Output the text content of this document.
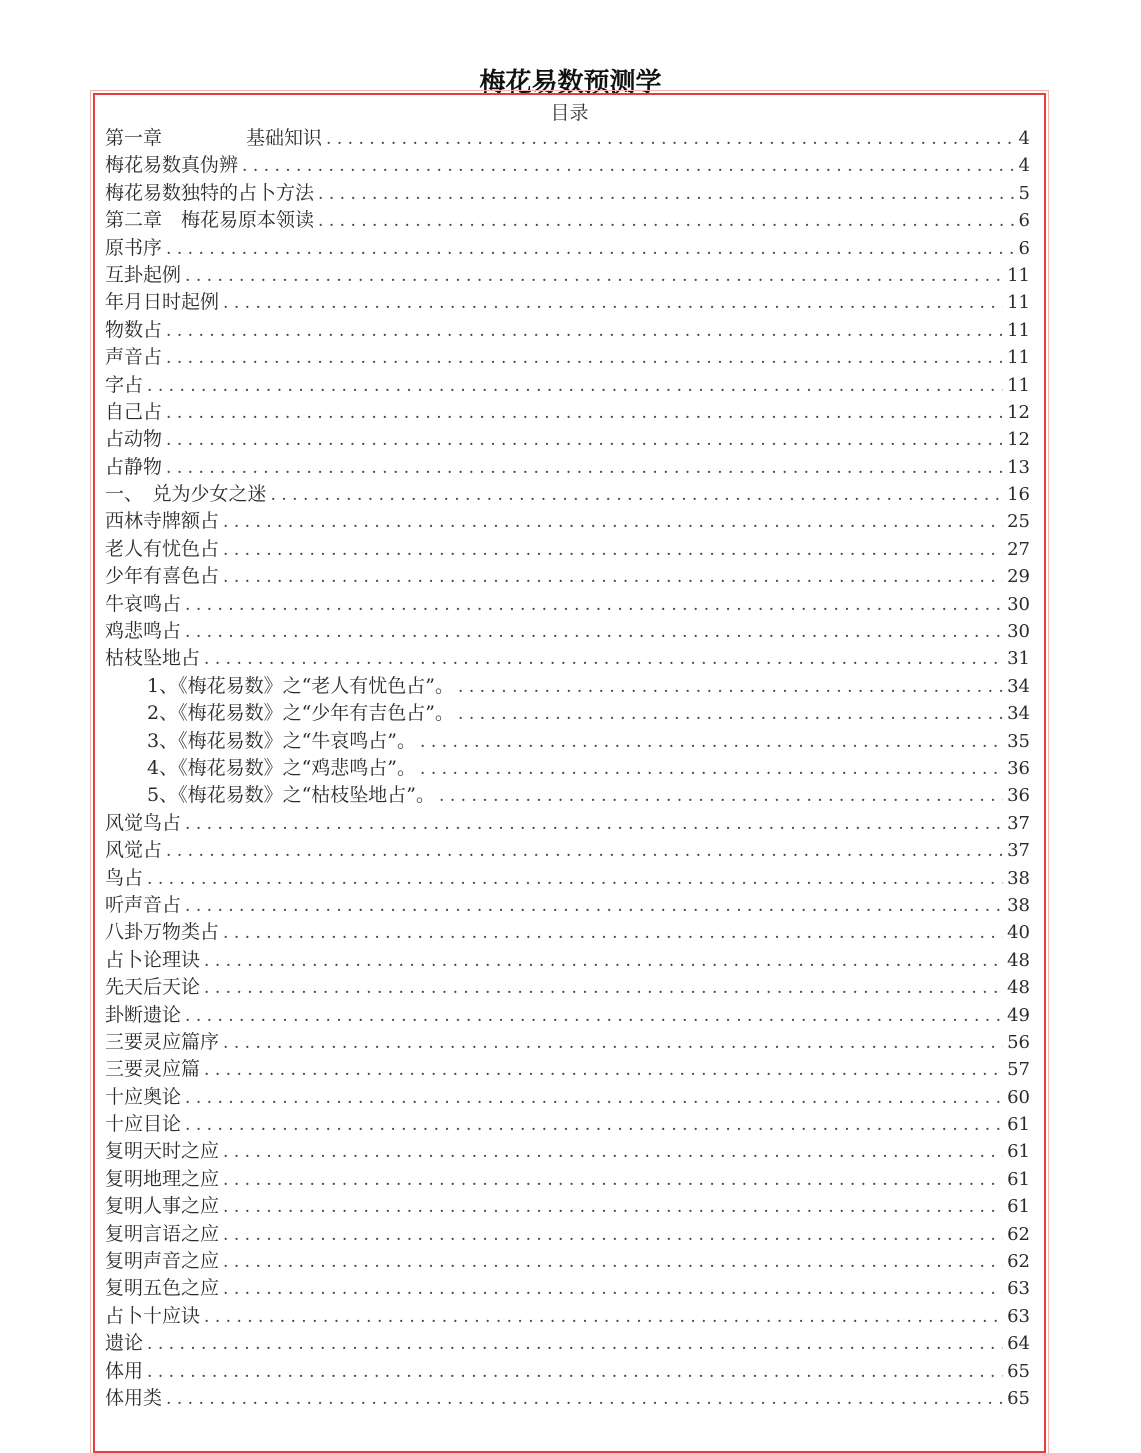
梅花易数预测学
目录
第一章	基础知识 . . .	4
梅花易数真伪辨 . . .	4
梅花易数独特的占卜方法 . . .	5
第二章　梅花易原本领读 . . .	6
原书序 . . .	6
互卦起例 . . .	11
年月日时起例 . . .	11
物数占 . . .	11
声音占 . . .	11
字占 . . .	11
自己占 . . .	12
占动物 . . .	12
占静物 . . .	13
一、　兑为少女之迷 . . .	16
西林寺牌额占 . . .	25
老人有忧色占 . . .	27
少年有喜色占 . . .	29
牛哀鸣占 . . .	30
鸡悲鸣占 . . .	30
枯枝坠地占 . . .	31
1、《梅花易数》之“老人有忧色占”。 . . .	34
2、《梅花易数》之“少年有吉色占”。 . . .	34
3、《梅花易数》之“牛哀鸣占”。 . . .	35
4、《梅花易数》之“鸡悲鸣占”。 . . .	36
5、《梅花易数》之“枯枝坠地占”。 . . .	36
风觉鸟占 . . .	37
风觉占 . . .	37
鸟占 . . .	38
听声音占 . . .	38
八卦万物类占 . . .	40
占卜论理诀 . . .	48
先天后天论 . . .	48
卦断遗论 . . .	49
三要灵应篇序 . . .	56
三要灵应篇 . . .	57
十应奥论 . . .	60
十应目论 . . .	61
复明天时之应 . . .	61
复明地理之应 . . .	61
复明人事之应 . . .	61
复明言语之应 . . .	62
复明声音之应 . . .	62
复明五色之应 . . .	63
占卜十应诀 . . .	63
遗论 . . .	64
体用 . . .	65
体用类 . . .	65
